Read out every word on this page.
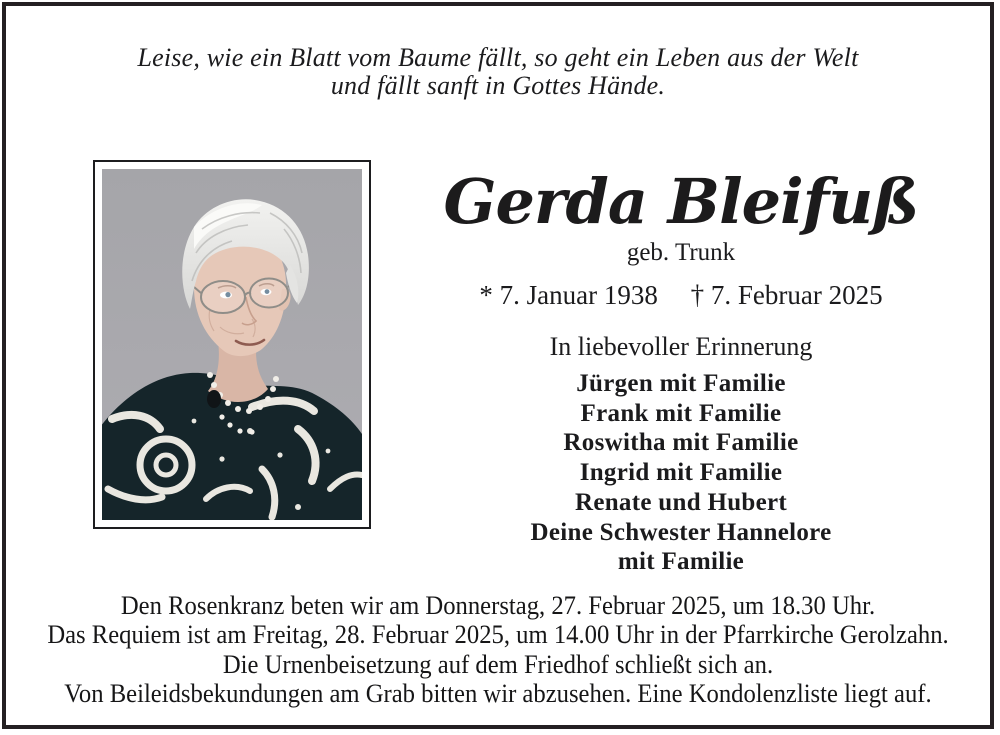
Leise, wie ein Blatt vom Baume fällt, so geht ein Leben aus der Welt
und fällt sanft in Gottes Hände.
Gerda Bleifuß
geb. Trunk
* 7. Januar 1938 † 7. Februar 2025
In liebevoller Erinnerung
Jürgen mit Familie
Frank mit Familie
Roswitha mit Familie
Ingrid mit Familie
Renate und Hubert
Deine Schwester Hannelore
mit Familie
Den Rosenkranz beten wir am Donnerstag, 27. Februar 2025, um 18.30 Uhr.
Das Requiem ist am Freitag, 28. Februar 2025, um 14.00 Uhr in der Pfarrkirche Gerolzahn.
Die Urnenbeisetzung auf dem Friedhof schließt sich an.
Von Beileidsbekundungen am Grab bitten wir abzusehen. Eine Kondolenzliste liegt auf.
